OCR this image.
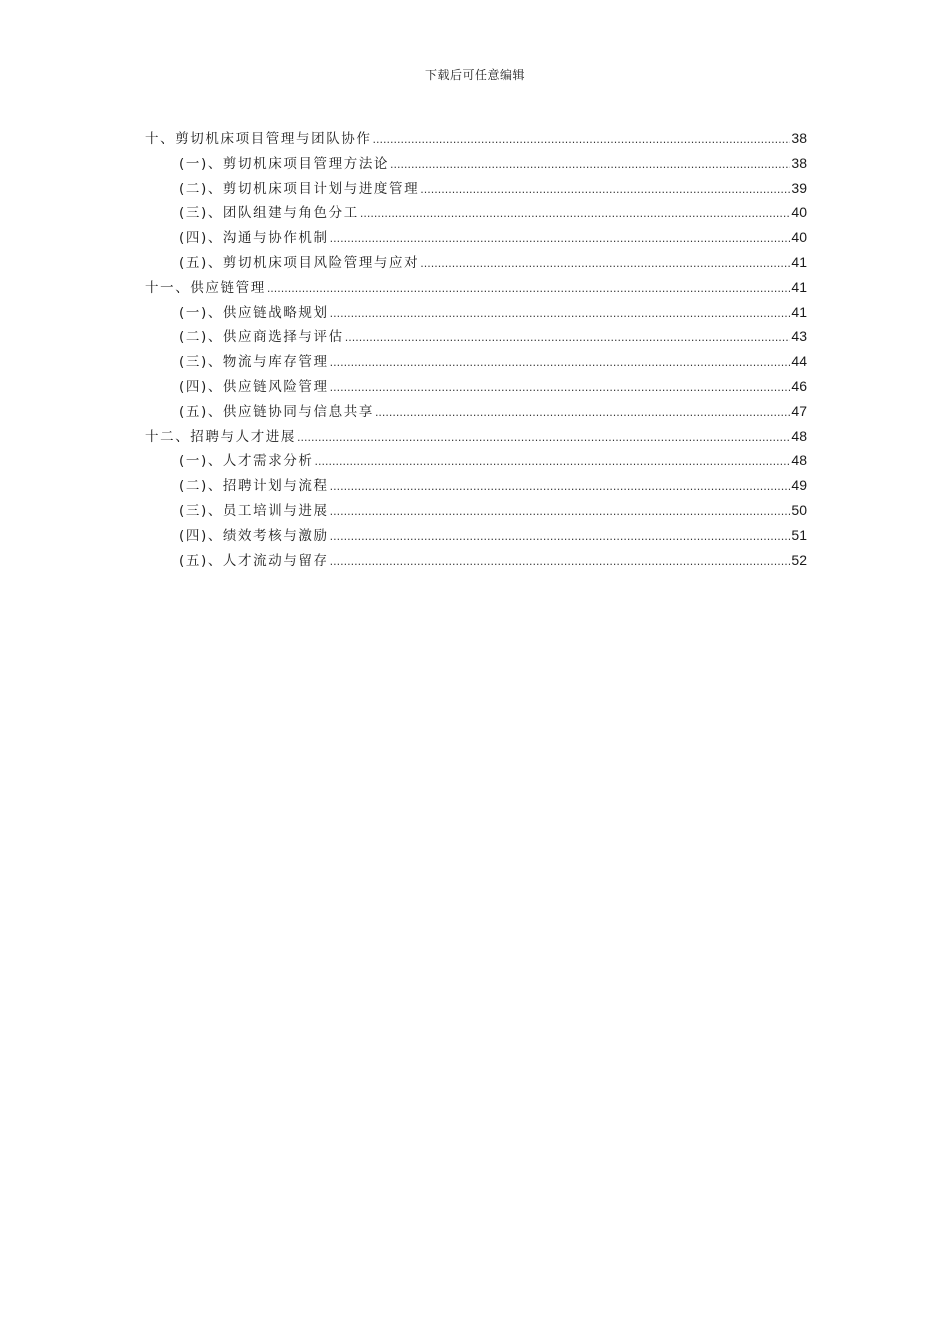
下载后可任意编辑
十、剪切机床项目管理与团队协作 .....	38
(一)、剪切机床项目管理方法论 .....	38
(二)、剪切机床项目计划与进度管理 .....	39
(三)、团队组建与角色分工 .....	40
(四)、沟通与协作机制 .....	40
(五)、剪切机床项目风险管理与应对 .....	41
十一、供应链管理 .....	41
(一)、供应链战略规划 .....	41
(二)、供应商选择与评估 .....	43
(三)、物流与库存管理 .....	44
(四)、供应链风险管理 .....	46
(五)、供应链协同与信息共享 .....	47
十二、招聘与人才进展 .....	48
(一)、人才需求分析 .....	48
(二)、招聘计划与流程 .....	49
(三)、员工培训与进展 .....	50
(四)、绩效考核与激励 .....	51
(五)、人才流动与留存 .....	52
